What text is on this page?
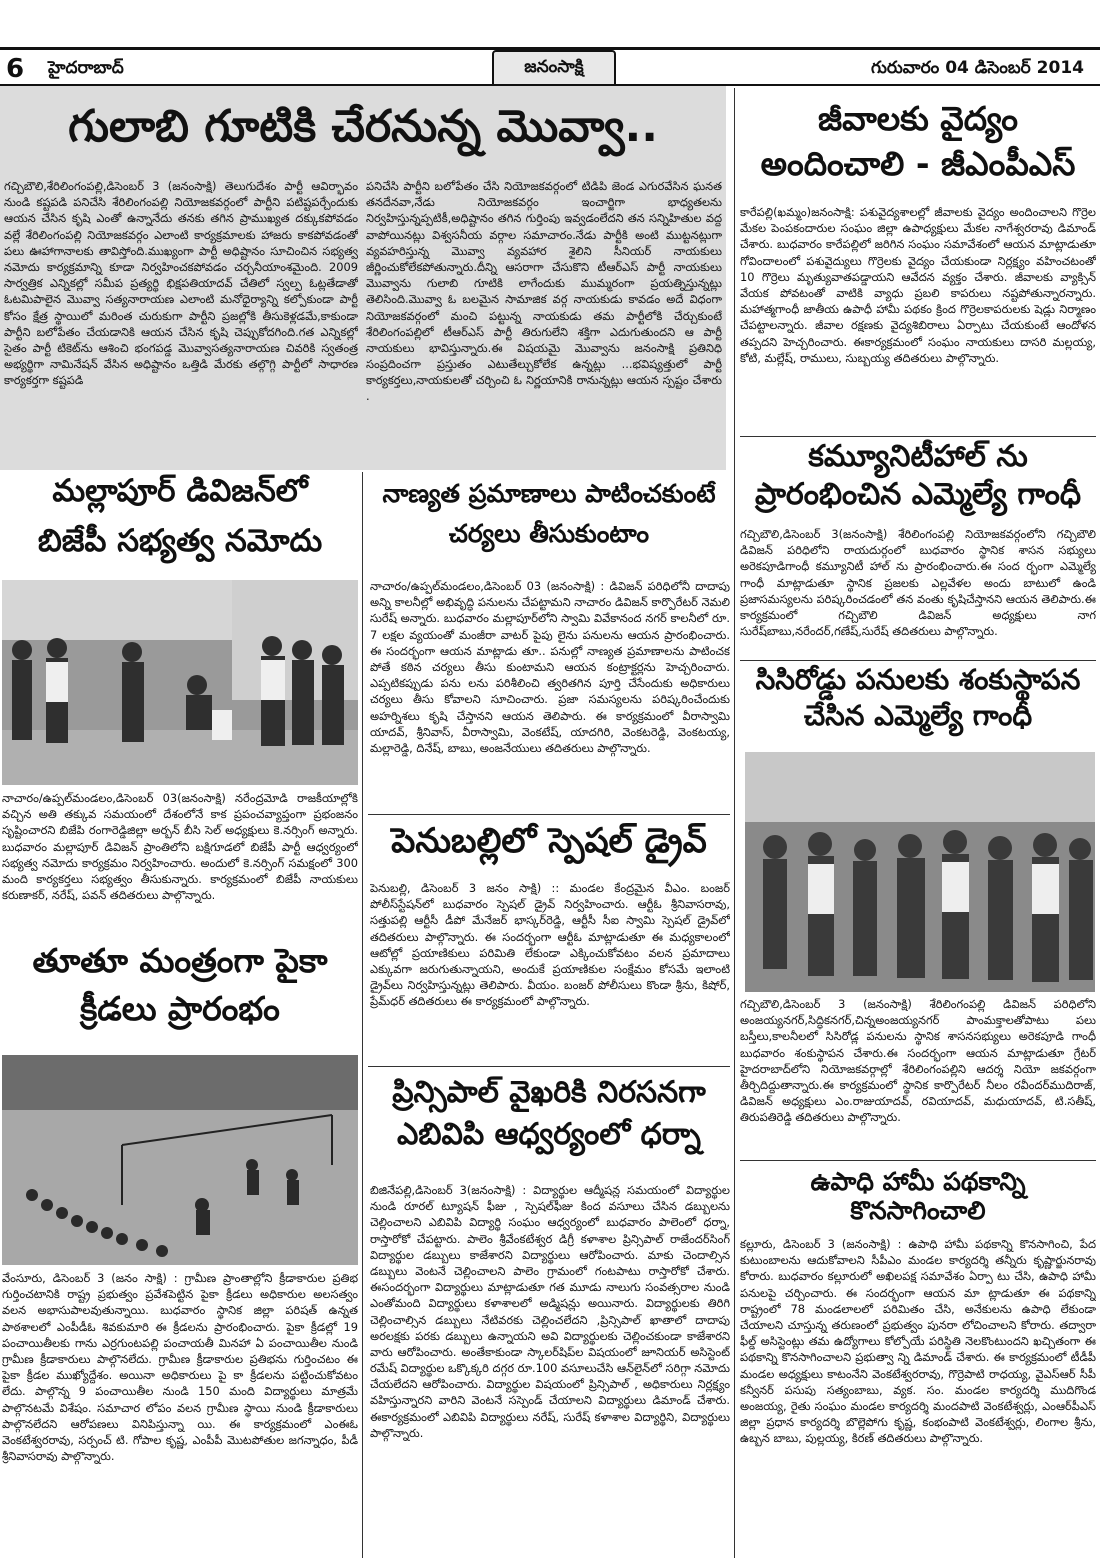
6 హైదరాబాద్	జనంసాక్షి	గురువారం 04 డిసెంబర్ 2014
గులాబి గూటికి చేరనున్న మొవ్వా..
గచ్చిబౌలి,శేరిలింగంపల్లి,డిసెంబర్ 3 (జనంసాక్షి) తెలుగుదేశం పార్టీ ఆవిర్భావం నుండి కష్టపడి పనిచేసి శేరిలింగంపల్లి నియోజకవర్గంలో పార్టీని పటిష్టపర్చేందుకు ఆయన చేసిన కృషి ఎంతో ఉన్నానేదు తనకు తగిన ప్రాముఖ్యత దక్కుకపోవడం వల్లే శేరిలింగంపల్లి నియోజకవర్గం ఎలాంటి కార్యక్రమాలకు హాజరు కాకపోవడంతో పలు ఊహాగానాలకు తావిస్తోంది.ముఖ్యంగా పార్టీ అధిష్టానం సూచించిన సభ్యత్వ నమోదు కార్యక్రమాన్ని కూడా నిర్వహించకపోవడం చర్చనీయాంశమైంది. 2009 సార్వత్రిక ఎన్నికల్లో సమీప ప్రత్యర్థి భిక్షపతియాదవ్ చేతిలో స్వల్ప ఓట్లతేడాతో ఓటమిపాలైన మొవ్వా సత్యనారాయణ ఎలాంటి మనోధైర్యాన్ని కల్పోకుండా పార్టీ కోసం క్షేత్ర స్థాయిలో మరింత చురుకుగా పార్టీని ప్రజల్లోకి తీసుకెళ్లడమే,కాకుండా పార్టీని బలోపేతం చేయడానికి ఆయన చేసిన కృషి చెప్పుకోదగింది.గత ఎన్నికల్లో సైతం పార్టీ టికెట్‌ను ఆశించి భంగపడ్డ మొవ్వాసత్యనారాయణ చివరికి స్వతంత్ర అభ్యర్థిగా నామినేషన్ వేసిన అధిష్టానం ఒత్తిడి మేరకు తల్గొగ్గి పార్టీలో సాధారణ కార్యకర్తగా కష్టపడి
పనిచేసి పార్టీని బలోపేతం చేసి నియోజకవర్గంలో టిడిపి జెండ ఎగురవేసిన ఘనత తనదేనవా,నేడు నియోజకవర్గం ఇంచార్జిగా భాధ్యతలను నిర్వహిస్తున్నప్పటికీ,అధిష్టానం తగిన గుర్తింపు ఇవ్వడంలేదని తన సన్నిహితుల వద్ద వాపోయినట్లు విశ్వసనీయ వర్గాల సమాచారం.నేడు పార్టీకి అంటి ముట్టనట్లుగా వ్యవహరిస్తున్న మొవ్వా వ్యవహార శైలిని సీనియర్ నాయకులు జీర్ణించుకోలేకపోతున్నారు.దీన్ని ఆసరాగా చేసుకొని టీఆర్ఎస్ పార్టీ నాయకులు మొవ్వాను గులాబి గూటికి లాగేందుకు ముమ్మరంగా ప్రయత్నిస్తున్నట్లు తెలిసింది.మొవ్వా ఓ బలమైన సామాజిక వర్గ నాయకుడు కావడం అదే విధంగా నియోజకవర్గంలో మంచి పట్టున్న నాయకుడు తమ పార్టీలోకి చేర్చుకుంటే శేరిలింగంపల్లిలో టీఆర్ఎస్ పార్టీ తిరుగులేని శక్తిగా ఎదుగుతుందని ఆ పార్టీ నాయకులు భావిస్తున్నారు.ఈ విషయమై మొవ్వాను జనంసాక్షి ప్రతినిధి సంప్రదించగా ప్రస్తుతం ఎటుతేల్చుకోలేక ఉన్నట్లు ...భవిష్యత్తులో పార్టీ కార్యకర్తలు,నాయకులతో చర్చించి ఓ నిర్ణయానికి రానున్నట్లు ఆయన స్పష్టం చేశారు .
జీవాలకు వైద్యం
అందించాలి - జీఎంపీఎస్
కారేపల్లి(ఖమ్మం)జనంసాక్షి: పశువైద్యశాలల్లో జీవాలకు వైద్యం అందించాలని గొర్రెల మేకల పెంపకందారుల సంఘం జిల్లా ఉపాధ్యక్షులు మేకల నాగేశ్వరరావు డిమాండ్ చేశారు. బుధవారం కారేపల్లిలో జరిగిన సంఘం సమావేశంలో ఆయన మాట్లాడుతూ గోవిందాలంలో పశువైద్యులు గొర్రెలకు వైద్యం చేయకుండా నిర్లక్ష్యం వహించటంతో 10 గొర్రెలు మృత్యువాతపడ్డాయని ఆవేదన వ్యక్తం చేశారు. జీవాలకు వ్యాక్సిన్ వేయక పోవటంతో వాటికి వ్యాధు ప్రబలి కాపరులు నష్టపోతున్నారన్నారు. మహాత్మగాంధీ జాతీయ ఉపాధీ హామీ పథకం క్రింద గొర్రెలకాపరులకు షెడ్లు నిర్మాణం చేపట్టాలన్నారు. జీవాల రక్షణకు వైద్యశిబిరాలు ఏర్పాటు చేయకుంటే ఆందోళన తప్పదని హెచ్చరించారు. ఈకార్యక్రమంలో సంఘం నాయకులు దాసరి మల్లయ్య, కోటి, మల్లేష్, రాములు, సుబ్బయ్య తదితరులు పాల్గొన్నారు.
కమ్యూనిటీహాల్ ను
ప్రారంభించిన ఎమ్మెల్యే గాంధీ
గచ్చిబౌలి,డిసెంబర్ 3(జనంసాక్షి) శేరిలింగంపల్లి నియోజకవర్గంలోని గచ్చిబౌలి డివిజన్ పరిధిలోని రాయదుర్గంలో బుధవారం స్థానిక శాసన సభ్యులు అరెకపూడిగాంధీ కమ్యూనిటీ హాల్ ను ప్రారంభించారు.ఈ సంద ర్భంగా ఎమ్మెల్యే గాంధీ మాట్లాడుతూ స్థానిక ప్రజలకు ఎల్లవేళల అందు బాటులో ఉండి ప్రజాసమస్యలను పరిష్కరించడంలో తన వంతు కృషిచేస్తానని ఆయన తెలిపారు.ఈ కార్యక్రమంలో గచ్చిబౌలి డివిజన్ అధ్యక్షులు నాగ సురేష్‌బాబు,నరేందర్,గణేష్,సురేష్ తదితరులు పాల్గొన్నారు.
సిసిరోడ్డు పనులకు శంకుస్థాపన
చేసిన ఎమ్మెల్యే గాంధీ
గచ్చిబౌలి,డిసెంబర్ 3 (జనంసాక్షి) శేరిలింగంపల్లి డివిజన్ పరిధిలోని అంజయ్యనగర్,సిద్ధికనగర్,చిన్నఅంజయ్యనగర్ పాంమక్తాలతోపాటు పలు బస్తీలు,కాలనీలలో సిసిరోడ్ల పనులను స్థానిక శాసనసభ్యులు అరెకపూడి గాంధీ బుధవారం శంకుస్థాపన చేశారు.ఈ సందర్భంగా ఆయన మాట్లాడుతూ గ్రేటర్ హైదరాబాద్‌లోని నియోజకవర్గాల్లో శేరిలింగంపల్లిని ఆదర్శ నియో జకవర్గంగా తీర్చిదిద్దుతాన్నారు.ఈ కార్యక్రమంలో స్థానిక కార్పొరేటర్ నీలం రవీందర్‌ముదిరాజ్, డివిజన్ అధ్యక్షులు ఎం.రాజుయాదవ్, రవియాదవ్, మధుయాదవ్, టి.సతీష్, తిరుపతిరెడ్డి తదితరులు పాల్గొన్నారు.
ఉపాధి హామీ పథకాన్ని కొనసాగించాలి
కల్లూరు, డిసెంబర్ 3 (జనంసాక్షి) : ఉపాధి హామీ పథకాన్ని కొనసాగించి, పేద కుటుంబాలను ఆదుకోవాలని సీపీఎం మండల కార్యదర్శి తన్నీరు కృష్ణార్జునరావు కోరారు. బుధవారం కల్లూరులో అఖిలపక్ష సమావేశం ఏర్పా టు చేసి, ఉపాధి హామీ పనులపై చర్చించారు. ఈ సందర్భంగా ఆయన మా ట్లాడుతూ ఈ పథకాన్ని రాష్ట్రంలో 78 మండలాలలో పరిమితం చేసి, అనేకులను ఉపాధి లేకుండా చేయాలని చూస్తున్న తరుణంలో ప్రభుత్వం పునరా లోచించాలని కోరారు. తద్వారా ఫీల్డ్ అసిస్టెంట్లు తమ ఉద్యోగాలు కోల్పోయే పరిస్థితి నెలకొంటుందని ఖచ్చితంగా ఈ పథకాన్ని కొనసాగించాలని ప్రభుత్వా న్ని డిమాండ్ చేశారు. ఈ కార్యక్రమంలో టీడీపీ మండల అధ్యక్షులు కాటంనేని వెంకటేశ్వరరావు, గొర్రెపాటి రాధయ్య, వైఎస్ఆర్ సీపీ కన్వీనర్ పసుపు సత్యంబాబు, వ్యక. సం. మండల కార్యదర్శి ముదిగొండ అంజయ్య, రైతు సంఘం మండల కార్యదర్శి మందపాటి వెంకటేశ్వర్లు, ఎంఆర్‌పీఎస్ జిల్లా ప్రధాన కార్యదర్శి బొల్లెపోగు కృష్ణ, కంభంపాటి వెంకటేశ్వర్లు, లింగాల శ్రీను, ఉబ్బన బాబు, పుల్లయ్య, కిరణ్ తదితరులు పాల్గొన్నారు.
మల్లాపూర్ డివిజన్‌లో
బిజేపీ సభ్యత్వ నమోదు
నాచారం/ఉప్పల్‌మండలం,డిసెంబర్ 03(జనంసాక్షి) నరేంద్రమోడి రాజకీయాల్లోకి వచ్చిన అతి తక్కువ సమయంలో దేశంలోనే కాక ప్రపంచవ్యాప్తంగా ప్రభంజనం సృష్టించారని బిజేపి రంగారెడ్డిజిల్లా అర్బన్ బీసి సెల్ అధ్యక్షులు కె.నర్సింగ్ అన్నారు. బుధవారం మల్లాపూర్ డివిజన్ ప్రాంతిలోని బక్షిగూడలో బిజేపీ పార్టీ ఆధ్వర్యంలో సభ్యత్వ నమోదు కార్యక్రమం నిర్వహించారు. అందులో కె.నర్సింగ్ సమక్షంలో 300 మంది కార్యకర్తలు సభ్యత్వం తీసుకున్నారు. కార్యక్రమంలో బిజేపీ నాయకులు కరుణాకర్, నరేష్, పవన్ తదితరులు పాల్గొన్నారు.
తూతూ మంత్రంగా పైకా
క్రీడలు ప్రారంభం
వేంసూరు, డిసెంబర్ 3 (జనం సాక్షి) : గ్రామీణ ప్రాంతాల్లోని క్రీడాకారుల ప్రతిభ గుర్తించటానికి రాష్ట్ర ప్రభుత్వం ప్రవేశపెట్టిన పైకా క్రీడలు అధికారుల అలసత్వం వలన అభాసుపాలవుతున్నాయి. బుధవారం స్థానిక జిల్లా పరిషత్ ఉన్నత పాఠశాలలో ఎంపీడీఓ శివకుమారి ఈ క్రీడలను ప్రారంభించారు. పైకా క్రీడల్లో 19 పంచాయితీలకు గాను ఎర్రగుంటపల్లి పంచాయతీ మినహా ఏ పంచాయితీల నుండి గ్రామీణ క్రీడాకారులు పాల్గొనలేదు. గ్రామీణ క్రీడాకారుల ప్రతిభను గుర్తించటం ఈ పైకా క్రీడల ముఖ్యోద్దేశం. అయినా అధికారులు పై కా క్రీడలను పట్టించుకోవటం లేదు. పాల్గొన్న 9 పంచాయితీల నుండి 150 మంది విద్యార్థులు మాత్రమే పాల్గొనటమే విశేషం. సమాచార లోపం వలన గ్రామీణ స్థాయి నుండి క్రీడాకారులు పాల్గొనలేదని ఆరోపణలు వినిపిస్తున్నా యి. ఈ కార్యక్రమంలో ఎంఈఓ వెంకటేశ్వరరావు, సర్పంచ్ టి. గోపాల కృష్ణ, ఎంపీపీ మొటపోతుల జగన్నాధం, పీడీ శ్రీనివాసరావు పాల్గొన్నారు.
నాణ్యత ప్రమాణాలు పాటించకుంటే
చర్యలు తీసుకుంటాం
నాచారం/ఉప్పల్‌మండలం,డిసెంబర్ 03 (జనంసాక్షి) : డివిజన్ పరిధిలోనీ దాదాపు అన్ని కాలనీల్లో అభివృద్ధి పనులను చేపట్టామని నాచారం డివిజన్ కార్పొరేటర్ నెమలి సురేష్ అన్నారు. బుధవారం మల్లాపూర్‌లోని స్వామి వివేకానంద నగర్ కాలనీలో రూ. 7 లక్షల వ్యయంతో మంజీరా వాటర్ పైపు లైను పనులను ఆయన ప్రారంభించారు. ఈ సందర్భంగా ఆయన మాట్లాడు తూ.. పనుల్లో నాణ్యత ప్రమాణాలను పాటించక పోతే కఠిన చర్యలు తీసు కుంటామని ఆయన కంట్రాక్టర్లను హెచ్చరించారు. ఎప్పటికప్పుడు పను లను పరిశీలించి త్వరితగిన పూర్తి చేసేందుకు అధికారులు చర్యలు తీసు కోవాలని సూచించారు. ప్రజా సమస్యలను పరిష్కరించేందుకు అహర్నిశలు కృషి చేస్తానని ఆయన తెలిపారు. ఈ కార్యక్రమంలో వీరాస్వామి యాదవ్, శ్రీనివాస్, వీరాస్వామి, వెంకటేష్, యాదగిరి, వెంకటరెడ్డి, వెంకటయ్య, మల్లారెడ్డి, దినేష్, బాబు, అంజనేయులు తదితరులు పాల్గొన్నారు.
పెనుబల్లిలో స్పెషల్ డ్రైవ్
పెనుబల్లి, డిసెంబర్ 3 జనం సాక్షి) :: మండల కేంద్రమైన వీఎం. బంజర్ పోలీస్‌స్టేషన్‌లో బుధవారం స్పెషల్ డ్రైవ్ నిర్వహించారు. ఆర్టీఓ శ్రీనివాసరావు, సత్తుపల్లి ఆర్టీసీ డీపో మేనేజర్ భాస్కర్‌రెడ్డి, ఆర్టీసీ సీఐ స్వామి స్పెషల్ డ్రైవ్‌లో తదితరులు పాల్గొన్నారు. ఈ సందర్భంగా ఆర్టీఓ మాట్లాడుతూ ఈ మధ్యకాలంలో ఆటోల్లో ప్రయాణికులు పరిమితి లేకుండా ఎక్కించుకోవటం వలన ప్రమాదాలు ఎక్కువగా జరుగుతున్నాయని, అందుకే ప్రయాణికుల సంక్షేమం కోసమే ఇలాంటి డ్రైవ్‌లు నిర్వహిస్తున్నట్లు తెలిపారు. వీయం. బంజర్ పోలీసులు కొండా శ్రీను, కిషోర్, ప్రేమ్‌ధర్ తదితరులు ఈ కార్యక్రమంలో పాల్గొన్నారు.
ప్రిన్సిపాల్ వైఖరికి నిరసనగా
ఎబివిపి ఆధ్వర్యంలో ధర్నా
బిజినేపల్లి,డిసెంబర్ 3(జనంసాక్షి) : విద్యార్థుల ఆద్మీషన్ల సమయంలో విద్యార్థుల నుండి రూరల్ ట్యూషన్ ఫీజు , స్పెషల్‌ఫీజు కింద వసూలు చేసిన డబ్బులను చెల్లించాలని ఎబివిపి విద్యార్థి సంఘం ఆధ్వర్యంలో బుధవారం పాలెంలో ధర్నా, రాస్తారోకో చేపట్టారు. పాలెం శ్రీవేంకటేశ్వర డిగ్రీ కళాశాల ప్రిన్సిపాల్ రాజేందర్‌సింగ్ విద్యార్థుల డబ్బులు కాజేశారని విద్యార్థులు ఆరోపించారు. మాకు చెందాల్సిన డబ్బులు వెంటనే చెల్లించాలని పాలెం గ్రామంలో గంటపాటు రాస్తారోకో చేశారు. ఈసందర్భంగా విద్యార్థులు మాట్లాడుతూ గత మూడు నాలుగు సంవత్సరాల నుండి ఎంతోమంది విద్యార్థులు కళాశాలలో అడ్మిషన్లు అయినారు. విద్యార్థులకు తిరిగి చెల్లించాల్సిన డబ్బులు నేటివరకు చెల్లించలేదని ,ప్రిన్సిపాల్ ఖాతాలో దాదాపు అరలక్షకు పరకు డబ్బులు ఉన్నాయని అవి విద్యార్థులకు చెల్లించకుండా కాజేశారని వారు ఆరోపించారు. అంతేకాకుండా స్కాలర్‌షిప్‌ల విషయంలో జూనియర్ అసిస్టెంట్ రమేష్ విద్యార్థుల ఒక్కొక్కరి దగ్గర రూ.100 వసూలుచేసి ఆన్‌లైన్‌లో సరిగ్గా నమోదు చేయలేదని ఆరోపించారు. విద్యార్థుల విషయంలో ప్రిన్సిపాల్ , అధికారులు నిర్లక్ష్యం వహిస్తున్నారని వారిని వెంటనే సస్పెండ్ చేయాలని విద్యార్థులు డిమాండ్ చేశారు. ఈకార్యక్రమంలో ఎబివిపి విద్యార్థులు నరేష్, సురేష్ కళాశాల విద్యార్థిని, విద్యార్థులు పాల్గొన్నారు.
